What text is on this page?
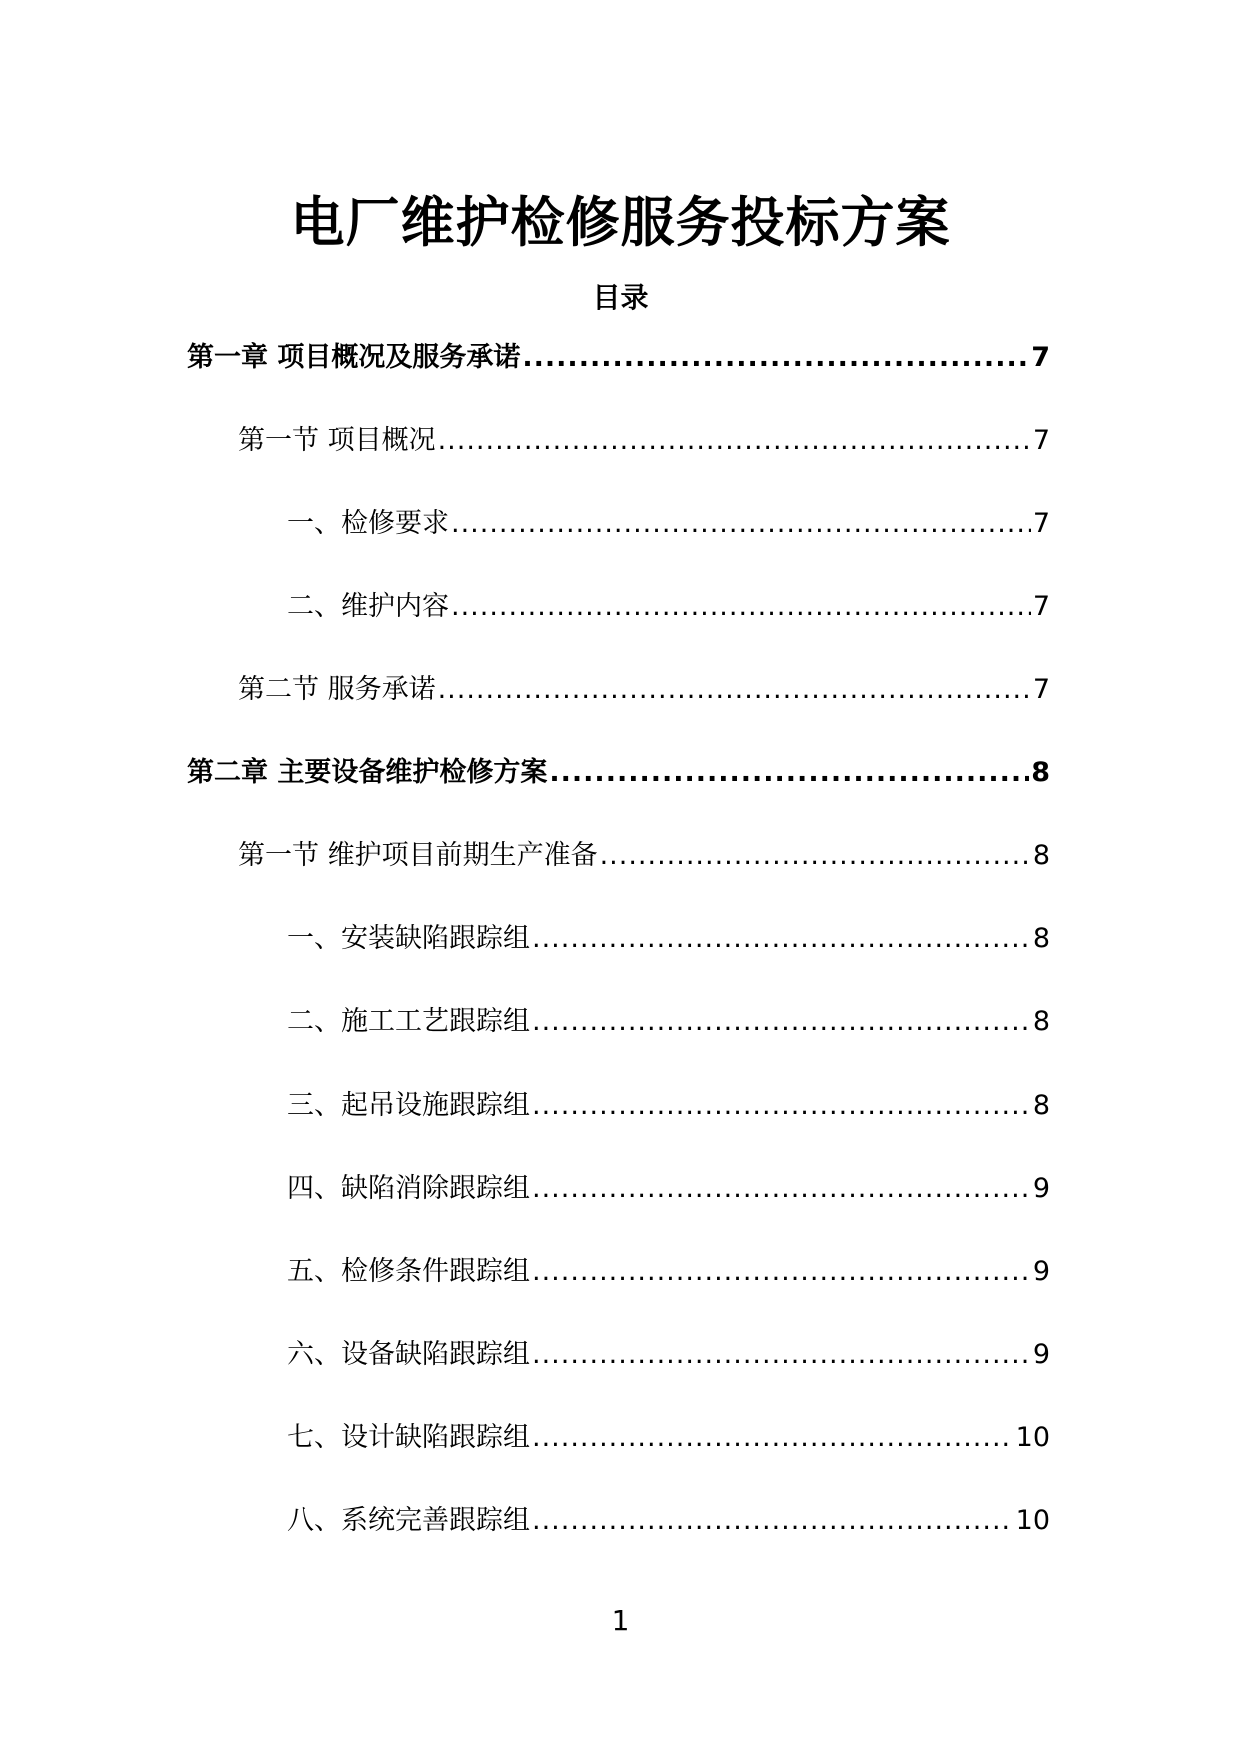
电厂维护检修服务投标方案
目录
第一章 项目概况及服务承诺 .....	7
第一节 项目概况 .....	7
一、检修要求 .....	7
二、维护内容 .....	7
第二节 服务承诺 .....	7
第二章 主要设备维护检修方案 .....	8
第一节 维护项目前期生产准备 .....	8
一、安装缺陷跟踪组 .....	8
二、施工工艺跟踪组 .....	8
三、起吊设施跟踪组 .....	8
四、缺陷消除跟踪组 .....	9
五、检修条件跟踪组 .....	9
六、设备缺陷跟踪组 .....	9
七、设计缺陷跟踪组 .....	10
八、系统完善跟踪组 .....	10
1
